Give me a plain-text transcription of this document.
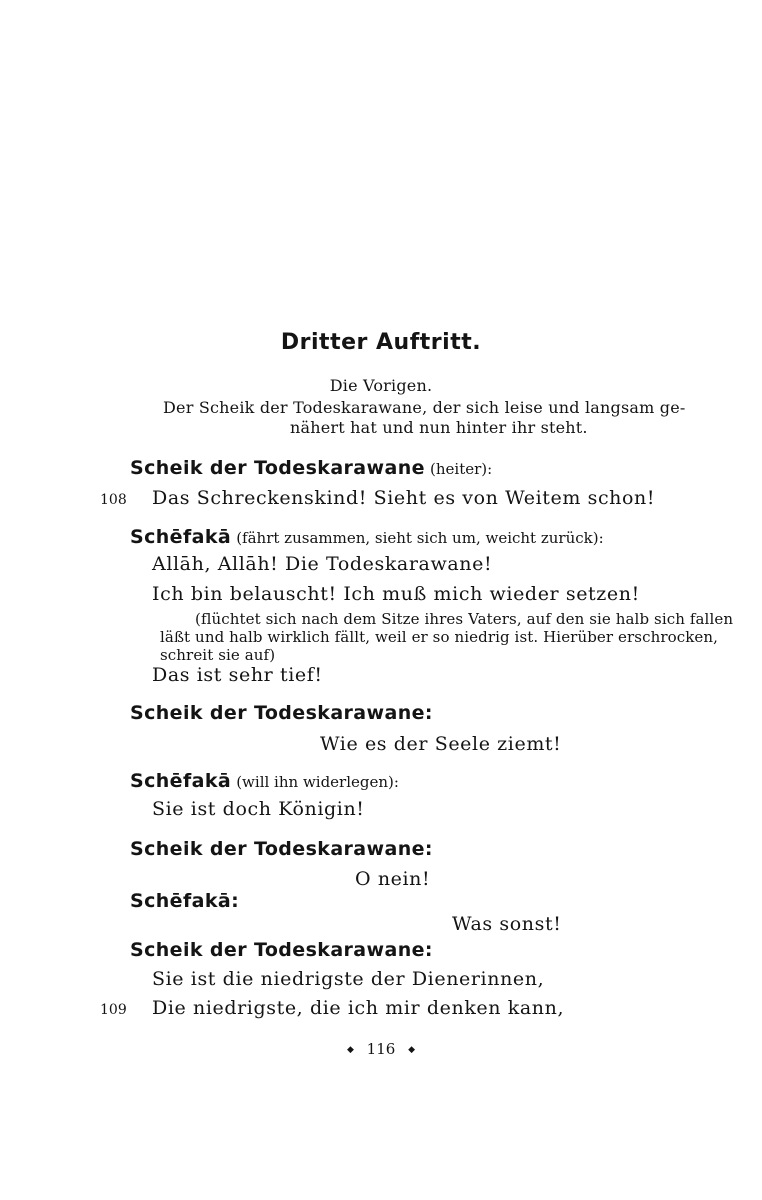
Dritter Auftritt.
Die Vorigen.
Der Scheik der Todeskarawane, der sich leise und langsam ge-
nähert hat und nun hinter ihr steht.
Scheik der Todeskarawane (heiter):
108 Das Schreckenskind! Sieht es von Weitem schon!
Schēfakā (fährt zusammen, sieht sich um, weicht zurück):
Allāh, Allāh! Die Todeskarawane!
Ich bin belauscht! Ich muß mich wieder setzen!
(flüchtet sich nach dem Sitze ihres Vaters, auf den sie halb sich fallen
läßt und halb wirklich fällt, weil er so niedrig ist. Hierüber erschrocken,
schreit sie auf)
Das ist sehr tief!
Scheik der Todeskarawane:
Wie es der Seele ziemt!
Schēfakā (will ihn widerlegen):
Sie ist doch Königin!
Scheik der Todeskarawane:
O nein!
Schēfakā:
Was sonst!
Scheik der Todeskarawane:
Sie ist die niedrigste der Dienerinnen,
109 Die niedrigste, die ich mir denken kann,
◆ 116 ◆
